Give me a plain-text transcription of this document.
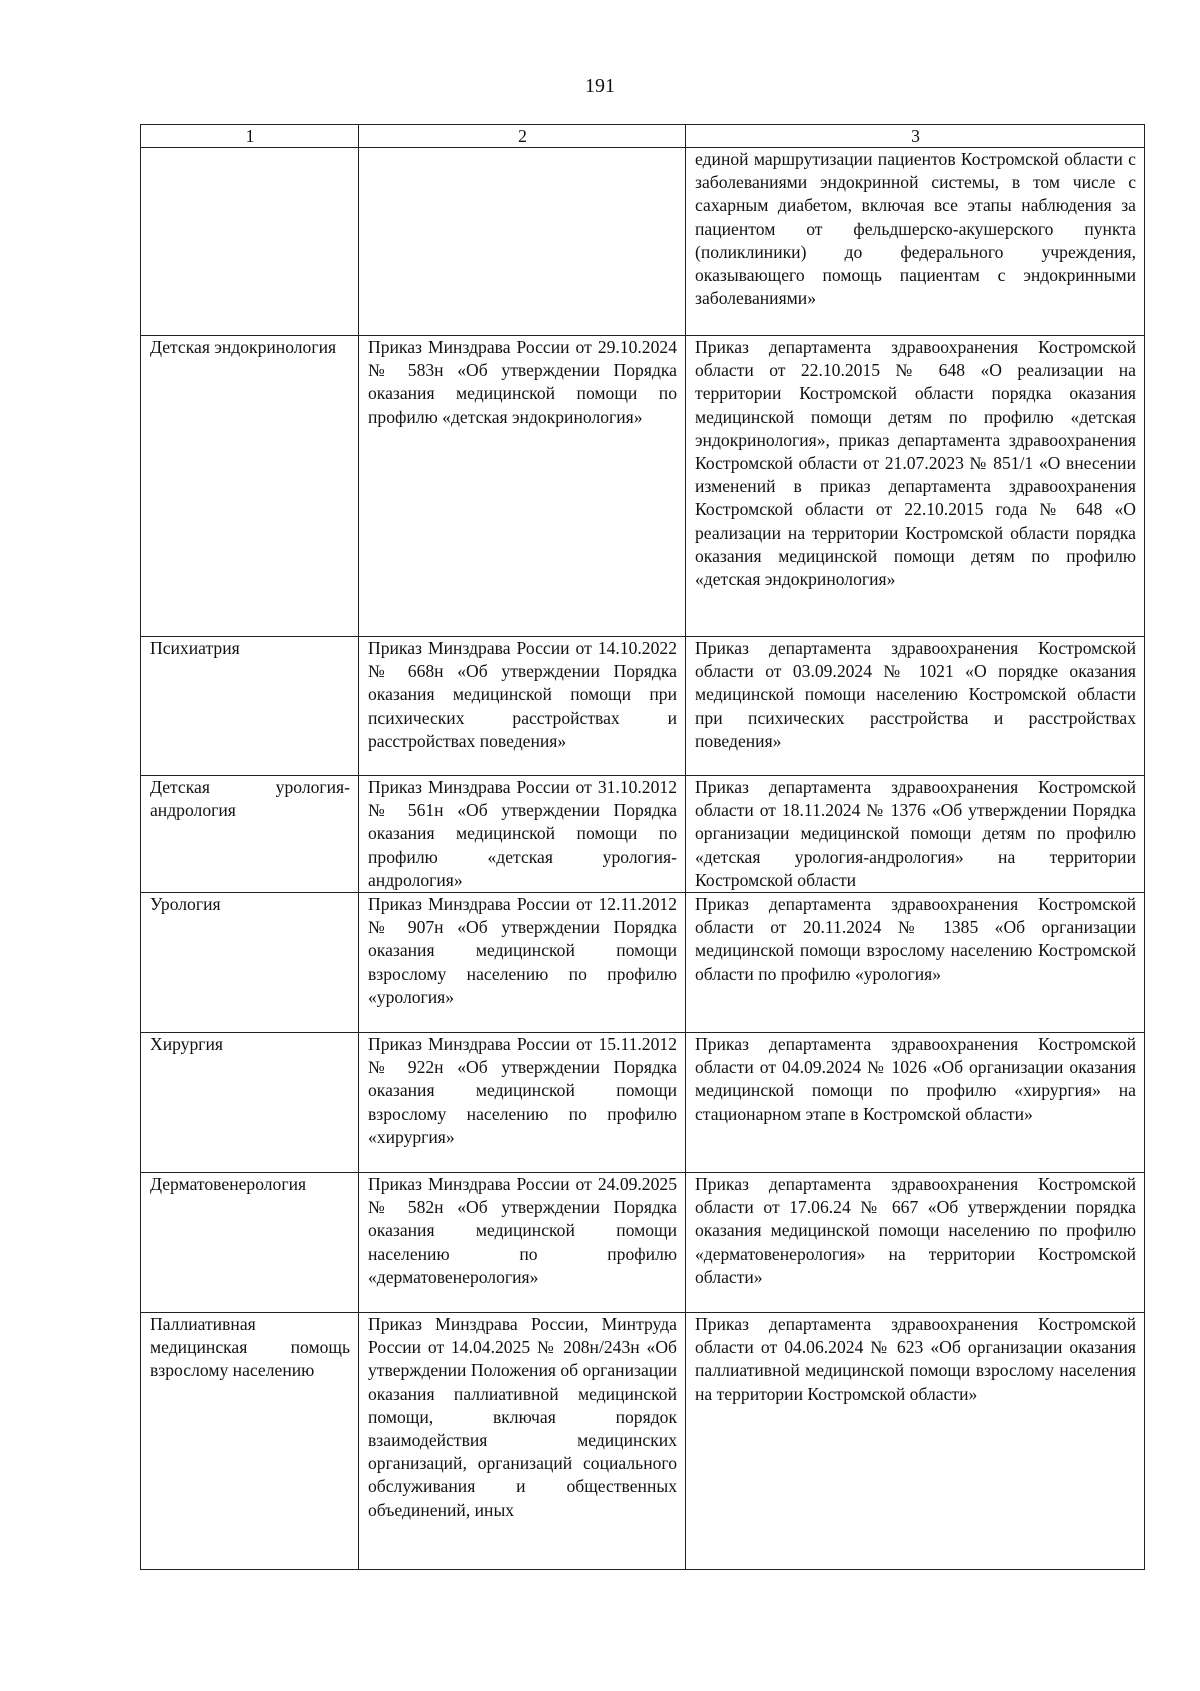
191
1	2	3
		единой маршрутизации пациентов Костромской области с заболеваниями эндокринной системы, в том числе с сахарным диабетом, включая все этапы наблюдения за пациентом от фельдшерско-акушерского пункта (поликлиники) до федерального учреждения, оказывающего помощь пациентам с эндокринными заболеваниями»
Детская эндокринология	Приказ Минздрава России от 29.10.2024 № 583н «Об утверждении Порядка оказания медицинской помощи по профилю «детская эндокринология»	Приказ департамента здравоохранения Костромской области от 22.10.2015 № 648 «О реализации на территории Костромской области порядка оказания медицинской помощи детям по профилю «детская эндокринология», приказ департамента здравоохранения Костромской области от 21.07.2023 № 851/1 «О внесении изменений в приказ департамента здравоохранения Костромской области от 22.10.2015 года № 648 «О реализации на территории Костромской области порядка оказания медицинской помощи детям по профилю «детская эндокринология»
Психиатрия	Приказ Минздрава России от 14.10.2022 № 668н «Об утверждении Порядка оказания медицинской помощи при психических расстройствах и расстройствах поведения»	Приказ департамента здравоохранения Костромской области от 03.09.2024 № 1021 «О порядке оказания медицинской помощи населению Костромской области при психических расстройства и расстройствах поведения»
Детская урология-андрология	Приказ Минздрава России от 31.10.2012 № 561н «Об утверждении Порядка оказания медицинской помощи по профилю «детская урология-андрология»	Приказ департамента здравоохранения Костромской области от 18.11.2024 № 1376 «Об утверждении Порядка организации медицинской помощи детям по профилю «детская урология-андрология» на территории Костромской области
Урология	Приказ Минздрава России от 12.11.2012 № 907н «Об утверждении Порядка оказания медицинской помощи взрослому населению по профилю «урология»	Приказ департамента здравоохранения Костромской области от 20.11.2024 № 1385 «Об организации медицинской помощи взрослому населению Костромской области по профилю «урология»
Хирургия	Приказ Минздрава России от 15.11.2012 № 922н «Об утверждении Порядка оказания медицинской помощи взрослому населению по профилю «хирургия»	Приказ департамента здравоохранения Костромской области от 04.09.2024 № 1026 «Об организации оказания медицинской помощи по профилю «хирургия» на стационарном этапе в Костромской области»
Дерматовенерология	Приказ Минздрава России от 24.09.2025 № 582н «Об утверждении Порядка оказания медицинской помощи населению по профилю «дерматовенерология»	Приказ департамента здравоохранения Костромской области от 17.06.24 № 667 «Об утверждении порядка оказания медицинской помощи населению по профилю «дерматовенерология» на территории Костромской области»
Паллиативная медицинская помощь взрослому населению	Приказ Минздрава России, Минтруда России от 14.04.2025 № 208н/243н «Об утверждении Положения об организации оказания паллиативной медицинской помощи, включая порядок взаимодействия медицинских организаций, организаций социального обслуживания и общественных объединений, иных	Приказ департамента здравоохранения Костромской области от 04.06.2024 № 623 «Об организации оказания паллиативной медицинской помощи взрослому населения на территории Костромской области»
